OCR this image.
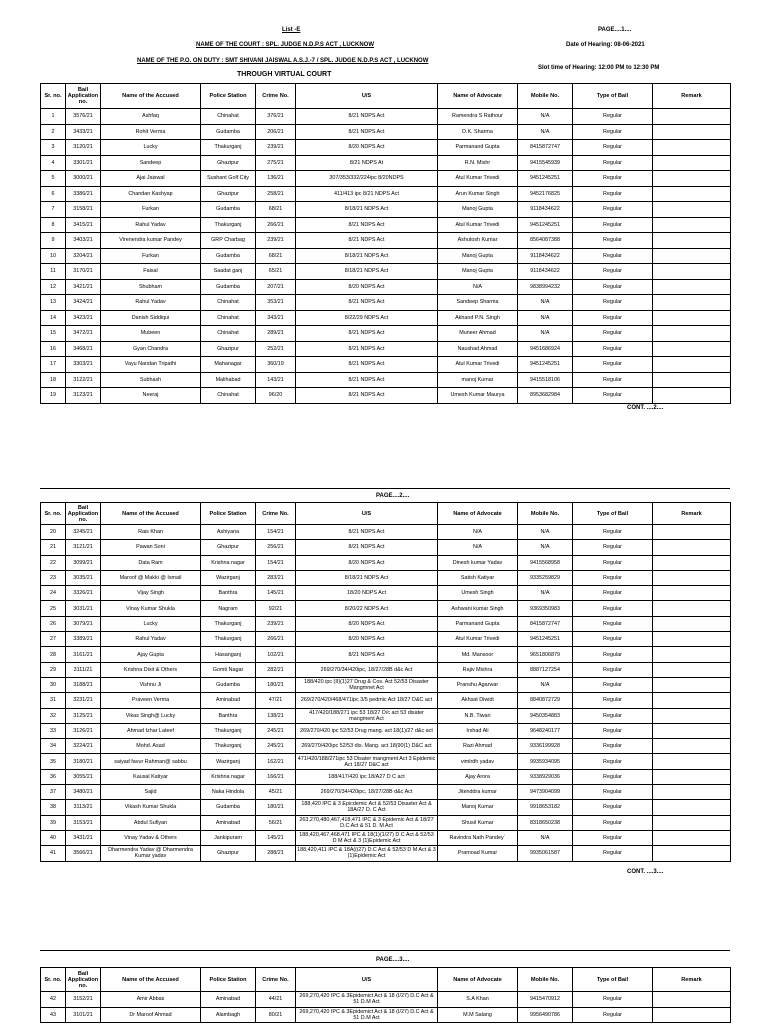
List -E	PAGE....1....
NAME OF THE COURT : SPL. JUDGE N.D.P.S ACT , LUCKNOW	Date of Hearing: 08-06-2021
NAME OF THE P.O. ON DUTY : SMT SHIVANI JAISWAL A.S.J.-7 / SPL. JUDGE N.D.P.S ACT , LUCKNOW
Slot time of Hearing: 12:00 PM to 12:30 PM
THROUGH VIRTUAL COURT
Sr. no.	Bail Application no.	Name of the Accused	Police Station	Crime No.	U/S	Name of Advocate	Mobile No.	Type of Bail	Remark
1	3576/21	Ashfaq	Chinahat	376/21	8/21 NDPS Act	Ramendra S Rathour	N/A	Regular	
2	3433/21	Rohit Verma	Gudamba	206/21	8/21 NDPS Act	D.K. Sharma	N/A	Regular	
3	3120/21	Lucky	Thakurganj	239/21	8/20 NDPS Act	Parmanand Gupta	8415872747	Regular	
4	3301/21	Sandeep	Ghazipur	275/21	8/21 NDPS At	R.N. Mishr	9415545939	Regular	
5	3000/21	Ajai Jaiswal	Sushant Golf City	136/21	307/353/332/224ipc 8/20NDPS	Atul Kumar Trivedi	9451245251	Regular	
6	3386/21	Chandan Kashyap	Ghazipur	258/21	411/413 ipc 8/21 NDPS Act	Arun Kumar Singh	9452176825	Regular	
7	3158/21	Furkan	Gudamba	68/21	8/18/21 NDPS Act	Manoj Gupta	9118434622	Regular	
8	3415/21	Rahul Yadav	Thakurganj	266/21	8/21 NDPS Act	Atul Kumar Trivedi	9451245251	Regular	
9	3403/21	Virenendra kumar Pandey	GRP Charbag	239/21	8/21 NDPS Act	Ashutosh Kumar	8564087388	Regular	
10	3204/21	Furkan	Gudamba	68/21	8/18/21 NDPS Act	Manoj Gupta	9118434622	Regular	
11	3170/21	Faisal	Saadat ganj	65/21	8/18/21 NDPS Act	Manoj Gupta	9118434622	Regular	
12	3421/21	Shubham	Gudamba	207/21	8/20 NDPS Act	N/A	9838994232	Regular	
13	3424/21	Rahul Yadav	Chinahat	353/21	8/21 NDPS Act	Sandeep Sharma	N/A	Regular	
14	3423/21	Danish Siddiqui	Chinahat	343/21	8/22/29 NDPS Act	Akhand P.N. Singh	N/A	Regular	
15	3472/21	Mubeen	Chinahat	289/21	8/21 NDPS Act	Muneer Ahmad	N/A	Regular	
16	3468/21	Gyan Chandra	Ghazipur	252/21	8/21 NDPS Act	Naushad Ahmad	9451686924	Regular	
17	3303/21	Vayu Nandan Tripathi	Mahanagar	360/19	8/21 NDPS Act	Atul Kumar Trivedi	9451245251	Regular	
18	3122/21	Subhash	Malihabad	143/21	8/21 NDPS Act	manoj Kumar	9415518106	Regular	
19	3123/21	Neeraj	Chinahat	96/20	8/21 NDPS Act	Umesh Kumar Maurya	8953682984	Regular	
CONT. ....2....
PAGE....2....
Sr. no.	Bail Application no.	Name of the Accused	Police Station	Crime No.	U/S	Name of Advocate	Mobile No.	Type of Bail	Remark
20	3245/21	Rais Khan	Ashiyana	154/21	8/21 NDPS Act	N/A	N/A	Regular	
21	3121/21	Pawan Soni	Ghazipur	256/21	8/21 NDPS Act	N/A	N/A	Regular	
22	3099/21	Data Ram	Krishna nagar	154/21	8/20 NDPS Act	Dinesh kumar Yadav	9415568958	Regular	
23	3035/21	Maroof @ Makki @ Ismail	Wazirganj	283/21	8/18/21 NDPS Act	Satish Katiyar	9335259829	Regular	
24	3326/21	Vijay Singh	Banthra	145/21	18/20 NDPS Act	Umesh Singh	N/A	Regular	
25	3031/21	Vinay Kumar Shukla	Nagram	92/21	8/20/22 NDPS Act	Ashwani kumar Singh	9369350983	Regular	
26	3079/21	Lucky	Thakurganj	239/21	8/20 NDPS Act	Parmanand Gupta	8415872747	Regular	
27	3389/21	Rahul Yadav	Thakurganj	266/21	8/20 NDPS Act	Atul Kumar Trivedi	9451245251	Regular	
28	3161/21	Ajay Gupta	Hasanganj	102/21	8/21 NDPS Act	Md. Mansoor	9651806879	Regular	
29	3111/21	Krishna Dixit & Others	Gomti Nagar	282/21	269/270/34/420ipc, 18/27/28B d&c Act	Rajiv Mishra	8887127254	Regular	
30	3188/21	Vishnu Ji	Gudamba	180/21	188/420 ipc (II)(1)27 Drug & Cos. Act 52/53 Disaster Mangmnet Act	Pranshu Agarwar	N/A	Regular	
31	3231/21	Praveen Verma	Aminabad	47/21	269/270/420/468/471ipc 3/5 pedmic Act 18/27 D&C act	Akhsat Diwidi	8840872729	Regular	
32	3125/21	Vikas Singh@ Lucky	Banthra	138/21	417/420/188/271 ipc 53 18/27 D/c act 53 disater mangment Act	N.B. Tiwari	9450354883	Regular	
33	3126/21	Ahmad Izhar Lateef	Thakurganj	245/21	269/270/420 ipc 52/53 Drug mang. act 18(1)/27 d&c act	Irshad Ali	9648240177	Regular	
34	3224/21	Mohd. Asad	Thakurganj	245/21	269/270/420ipc 52/53 dis. Mang. act 18(90(1) D&C act	Razi Ahmad	9336199928	Regular	
35	3180/21	saiyad favur Rahman@ sabbu	Wazirganj	162/21	471/420/188/271ipc 53 Disater mangment Act 3 Epidemic Act 18/27 D&C act	vimlrdh yadav	9935934095	Regular	
36	3055/21	Kausal Katiyar	Krishna nagar	166/21	188/417/420 ipc 18/A27 D C act	Ajay Arora	9338929036	Regular	
37	3480/21	Sajid	Naka Hindola	45/21	269/270/34/420ipc, 18/27/28B d&c Act	Jitenddra kumar	9473904099	Regular	
38	3113/21	Vikash Kumar Shukla	Gudamba	180/21	188,420 IPC & 3 Epicdemic Act & 52/53 Disaster Act & 18A/27 D. C Act	Manoj Kumar	9918653182	Regular	
39	3153/21	Abdul Sufiyan	Aminabad	56/21	263,270,480,467,418,471 IPC & 3 Epidemic Act & 18/27 D.C Act & 51 D. M Act	Shusil Kumar	8318650238	Regular	
40	3431/21	Vinay Yadav & Others	Jankipuram	145/21	188,420,467,468,471 IPC & 18(1)(1/27) D C Act & 52/53 D M Act & 3 (1)Epidemic Act	Ravindra Nath Pandey`	N/A	Regular	
41	3566/21	Dharmendra Yadav @ Dharmendra Kumar yadav	Ghazipur	288/21	188,420,411 IPC & 18A(i)27) D.C Act & 52/53 D M Act & 3 (1)Epidemic Act	Pramoad Kumar	9935061587	Regular	
CONT. ....3....
PAGE....3....
Sr. no.	Bail Application no.	Name of the Accused	Police Station	Crime No.	U/S	Name of Advocate	Mobile No.	Type of Bail	Remark
42	3152/21	Amir Abbas	Aminabad	44/21	269,270,420 IPC & 3Epidemict Act & 18 (I/27) D.C Act & 51 D.M Act	S.A Khan	9415470912	Regular	
43	3101/21	Dr Maroof Ahmad	Alambagh	80/21	269,270,420 IPC & 3Epidemict Act & 18 (I/27) D.C Act & 51 D.M Act	M.M Salang	9956490786	Regular	
